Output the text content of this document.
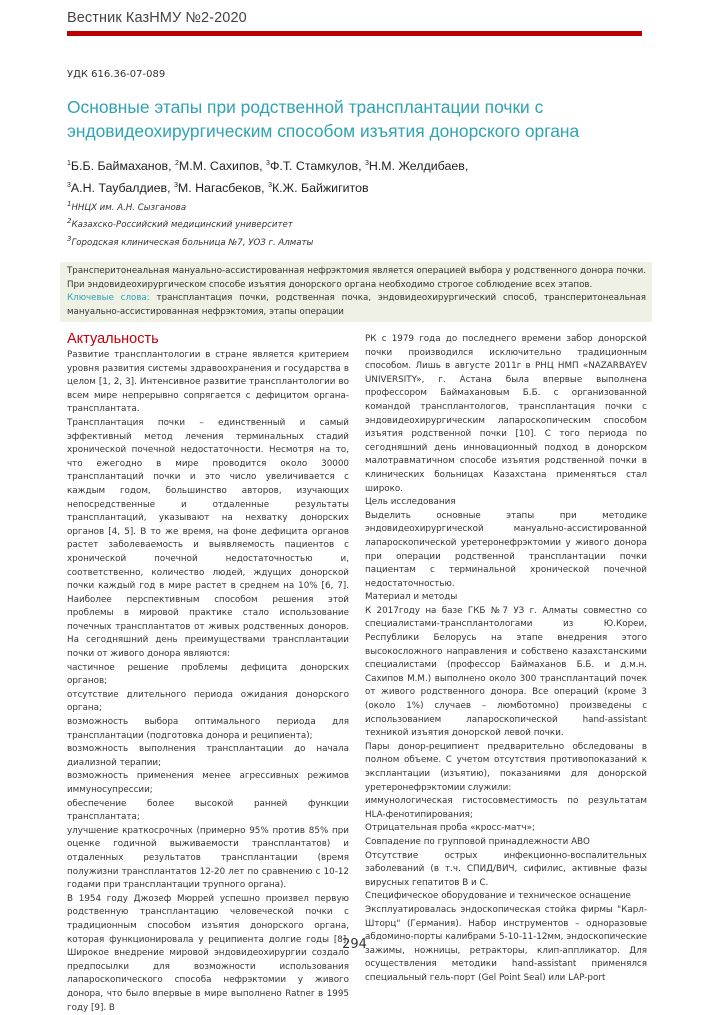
Вестник КазНМУ №2-2020
УДК 616.36-07-089
Основные этапы при родственной трансплантации почки с эндовидеохирургическим способом изъятия донорского органа
$^1$Б.Б. Баймаханов, $^2$М.М. Сахипов, $^3$Ф.Т. Стамкулов, $^3$Н.М. Желдибаев,
$^3$А.Н. Таубалдиев, $^3$М. Нагасбеков, $^3$К.Ж. Байжигитов
$^1$ННЦХ им. А.Н. Сызганова
$^2$Казахско-Российский медицинский университет
$^3$Городская клиническая больница №7, УОЗ г. Алматы
Трансперитонеальная мануально-ассистированная нефрэктомия является операцией выбора у родственного донора почки. При эндовидеохирургическом способе изъятия донорского органа необходимо строгое соблюдение всех этапов.
Ключевые слова: трансплантация почки, родственная почка, эндовидеохирургический способ, трансперитонеальная мануально-ассистированная нефрэктомия, этапы операции
Актуальность

Развитие трансплантологии в стране является критерием уровня развития системы здравоохранения и государства в целом [1, 2, 3]. Интенсивное развитие трансплантологии во всем мире непрерывно сопрягается с дефицитом органа-трансплантата.

Трансплантация почки – единственный и самый эффективный метод лечения терминальных стадий хронической почечной недостаточности. Несмотря на то, что ежегодно в мире проводится около 30000 трансплантаций почки и это число увеличивается с каждым годом, большинство авторов, изучающих непосредственные и отдаленные результаты трансплантаций, указывают на нехватку донорских органов [4, 5]. В то же время, на фоне дефицита органов растет заболеваемость и выявляемость пациентов с хронической почечной недостаточностью и, соответственно, количество людей, ждущих донорской почки каждый год в мире растет в среднем на 10% [6, 7]. Наиболее перспективным способом решения этой проблемы в мировой практике стало использование почечных трансплантатов от живых родственных доноров. На сегодняшний день преимуществами трансплантации почки от живого донора являются:

частичное решение проблемы дефицита донорских органов;

отсутствие длительного периода ожидания донорского органа;

возможность выбора оптимального периода для трансплантации (подготовка донора и реципиента);

возможность выполнения трансплантации до начала диализной терапии;

возможность применения менее агрессивных режимов иммуносупрессии;

обеспечение более высокой ранней функции трансплантата;

улучшение краткосрочных (примерно 95% против 85% при оценке годичной выживаемости трансплантатов) и отдаленных результатов трансплантации (время полужизни трансплантатов 12-20 лет по сравнению с 10-12 годами при трансплантации трупного органа).

В 1954 году Джозеф Мюррей успешно произвел первую родственную трансплантацию человеческой почки с традиционным способом изъятия донорского органа, которая функционировала у реципиента долгие годы [8]. Широкое внедрение мировой эндовидеохирургии создало предпосылки для возможности использования лапароскопического способа нефрэктомии у живого донора, что было впервые в мире выполнено Ratner в 1995 году [9]. В

РК с 1979 года до последнего времени забор донорской почки производился исключительно традиционным способом. Лишь в августе 2011г в РНЦ НМП «NAZARBAYEV UNIVERSITY», г. Астана была впервые выполнена профессором Баймахановым Б.Б. с организованной командой трансплантологов, трансплантация почки с эндовидеохирургическим лапароскопическим способом изъятия родственной почки [10]. С того периода по сегодняшний день инновационный подход в донорском малотравматичном способе изъятия родственной почки в клинических больницах Казахстана применяться стал широко.

Цель исследования

Выделить основные этапы при методике эндовидеохирургической мануально-ассистированной лапароскопической уретеронефрэктомии у живого донора при операции родственной трансплантации почки пациентам с терминальной хронической почечной недостаточностью.

Материал и методы

К 2017году на базе ГКБ №7 УЗ г. Алматы совместно со специалистами-трансплантологами из Ю.Кореи, Республики Белорусь на этапе внедрения этого высокосложного направления и собствено казахстанскими специалистами (профессор Баймаханов Б.Б. и д.м.н. Сахипов М.М.) выполнено около 300 трансплантаций почек от живого родственного донора. Все операций (кроме 3 (около 1%) случаев – люмботомно) произведены с использованием лапароскопической hand-assistant техникой изъятия донорской левой почки.

Пары донор-реципиент предварительно обследованы в полном объеме. С учетом отсутствия противопоказаний к эксплантации (изъятию), показаниями для донорской уретеронефрэктомии служили:

иммунологическая гистосовместимость по результатам HLA-фенотипирования;

Отрицательная проба «кросс-матч»;

Совпадение по групповой принадлежности АВО

Отсутствие острых инфекционно-воспалительных заболеваний (в т.ч. СПИД/ВИЧ, сифилис, активные фазы вирусных гепатитов В и С.

Специфическое оборудование и техническое оснащение

Эксплуатировалась эндоскопическая стойка фирмы "Карл-Шторц" (Германия). Набор инструментов – одноразовые абдомино-порты калибрами 5-10-11-12мм, эндоскопические зажимы, ножницы, ретракторы, клип-аппликатор. Для осуществления методики hand-assistant применялся специальный гель-порт (Gel Point Seal) или LAP-port

294
